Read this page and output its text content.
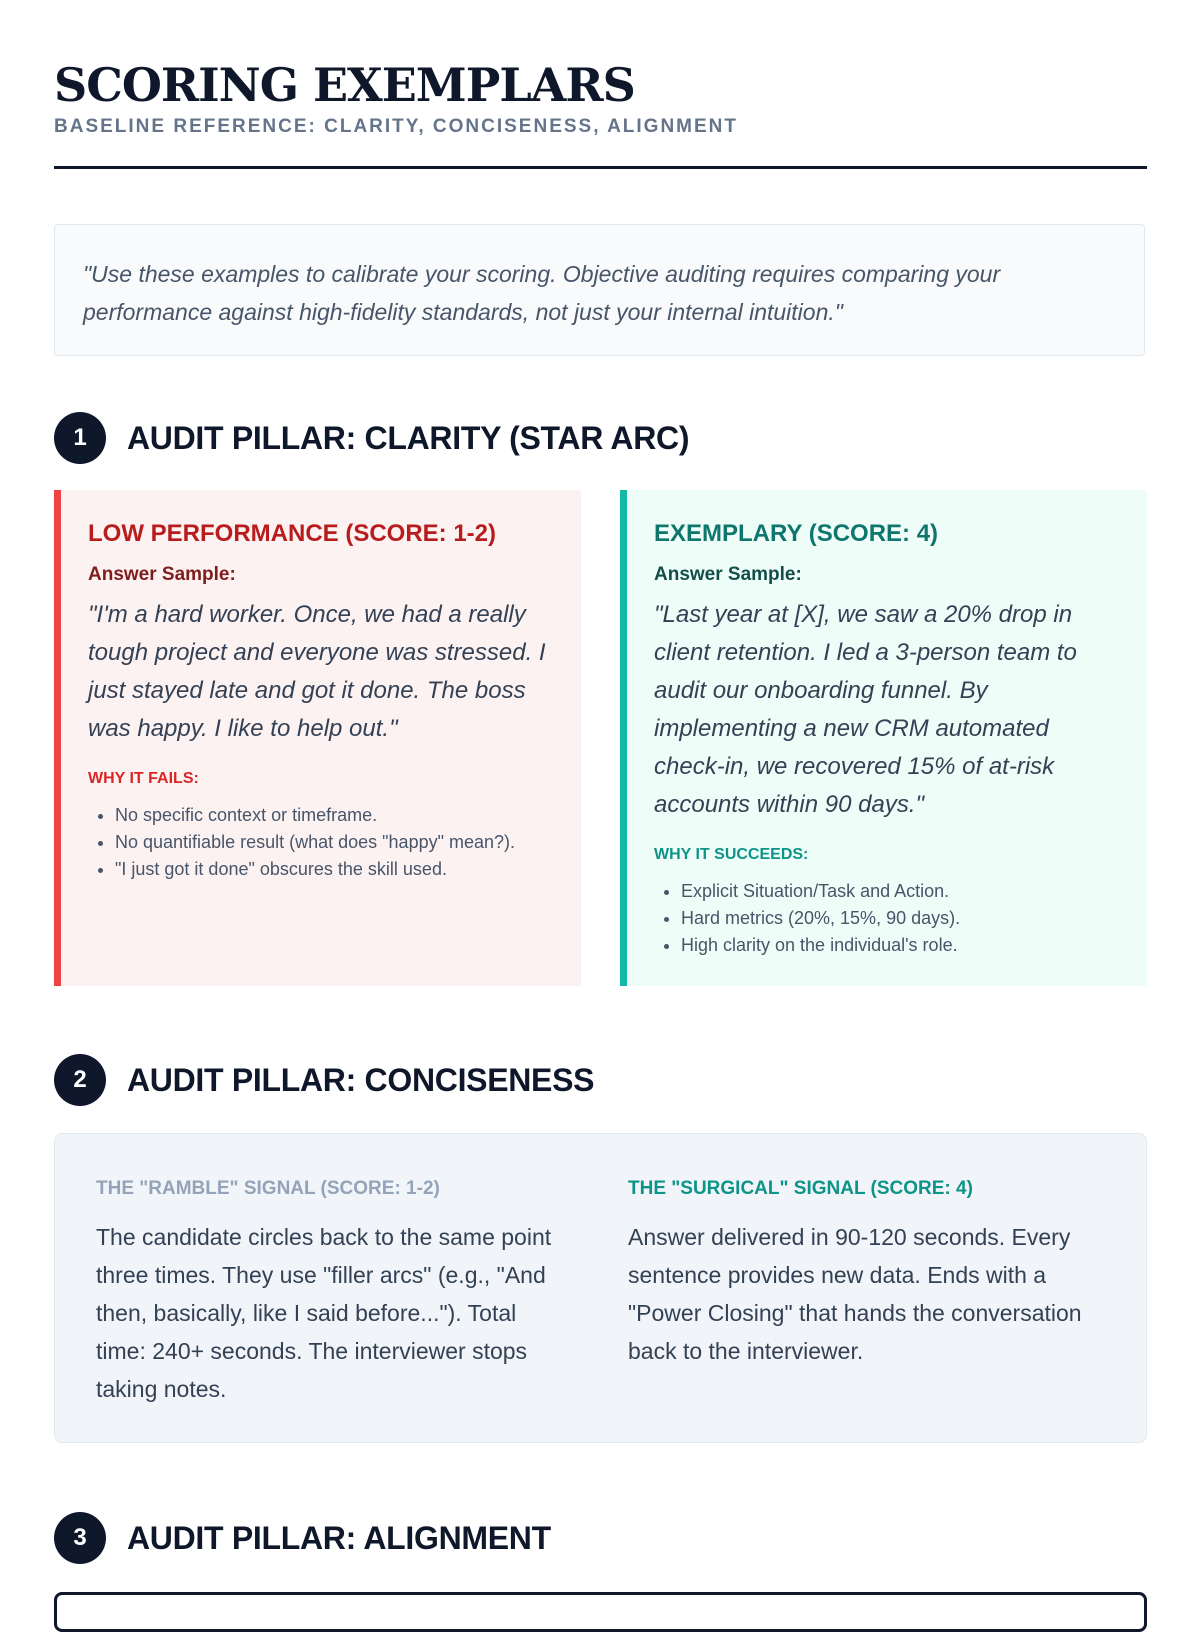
SCORING EXEMPLARS
BASELINE REFERENCE: CLARITY, CONCISENESS, ALIGNMENT
"Use these examples to calibrate your scoring. Objective auditing requires comparing your performance against high-fidelity standards, not just your internal intuition."
1	AUDIT PILLAR: CLARITY (STAR ARC)
LOW PERFORMANCE (SCORE: 1-2)
Answer Sample:
"I'm a hard worker. Once, we had a really tough project and everyone was stressed. I just stayed late and got it done. The boss was happy. I like to help out."
WHY IT FAILS:
• No specific context or timeframe.
• No quantifiable result (what does "happy" mean?).
• "I just got it done" obscures the skill used.
EXEMPLARY (SCORE: 4)
Answer Sample:
"Last year at [X], we saw a 20% drop in client retention. I led a 3-person team to audit our onboarding funnel. By implementing a new CRM automated check-in, we recovered 15% of at-risk accounts within 90 days."
WHY IT SUCCEEDS:
• Explicit Situation/Task and Action.
• Hard metrics (20%, 15%, 90 days).
• High clarity on the individual's role.
2	AUDIT PILLAR: CONCISENESS
THE "RAMBLE" SIGNAL (SCORE: 1-2)
The candidate circles back to the same point three times. They use "filler arcs" (e.g., "And then, basically, like I said before..."). Total time: 240+ seconds. The interviewer stops taking notes.
THE "SURGICAL" SIGNAL (SCORE: 4)
Answer delivered in 90-120 seconds. Every sentence provides new data. Ends with a "Power Closing" that hands the conversation back to the interviewer.
3	AUDIT PILLAR: ALIGNMENT
